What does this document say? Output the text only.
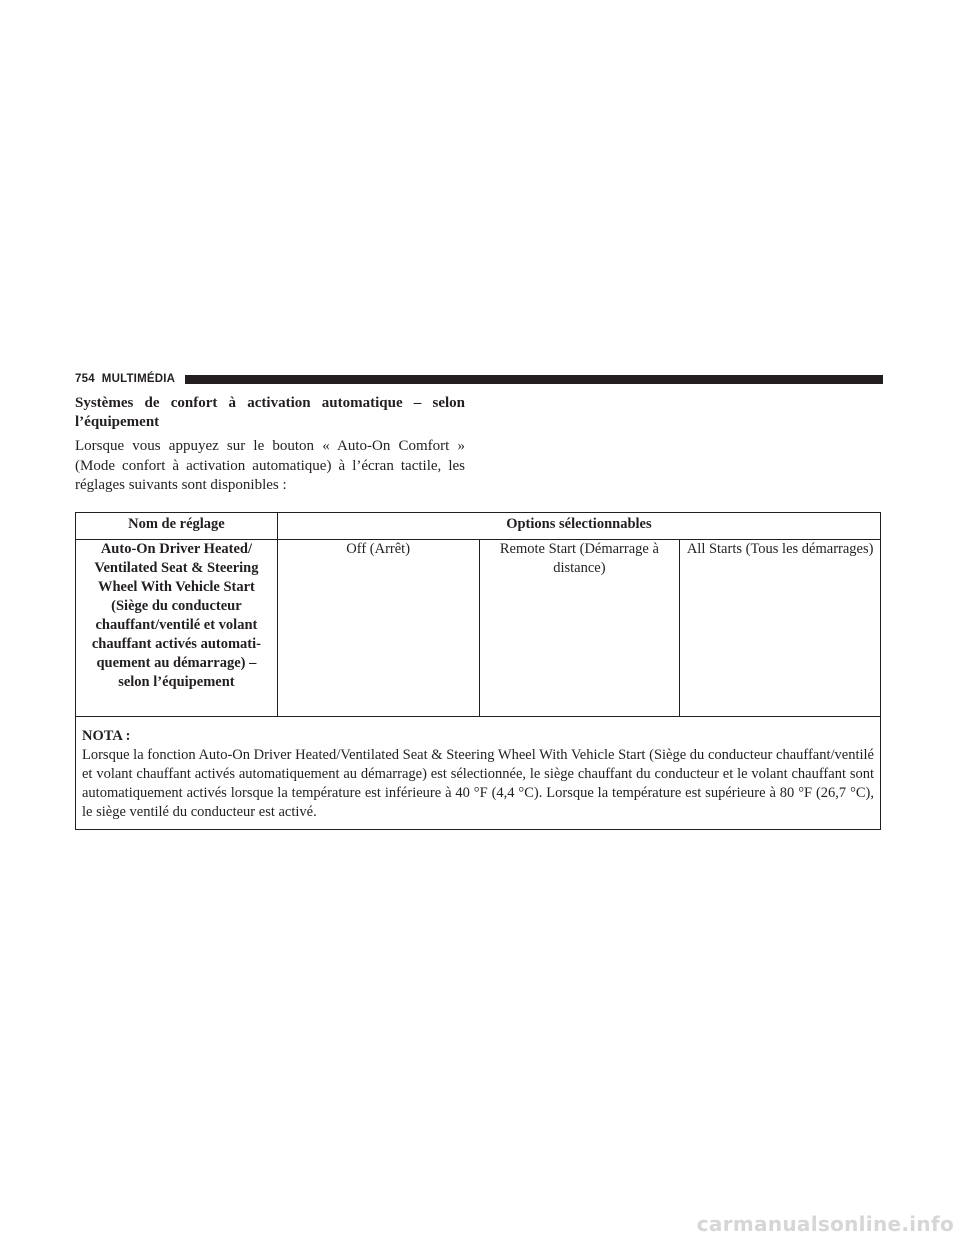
754 MULTIMÉDIA
Systèmes de confort à activation automatique – selon l’équipement
Lorsque vous appuyez sur le bouton « Auto-On Comfort » (Mode confort à activation automatique) à l’écran tactile, les réglages suivants sont disponibles :
Nom de réglage	Options sélectionnables		
Auto-On Driver Heated/ Ventilated Seat & Steering Wheel With Vehicle Start (Siège du conducteur chauffant/ventilé et volant chauffant activés automatiquement au démarrage) – selon l’équipement	Off (Arrêt)	Remote Start (Démarrage à distance)	All Starts (Tous les démarrages)

NOTA :
Lorsque la fonction Auto-On Driver Heated/Ventilated Seat & Steering Wheel With Vehicle Start (Siège du conducteur chauffant/ventilé et volant chauffant activés automatiquement au démarrage) est sélectionnée, le siège chauffant du conducteur et le volant chauffant sont automatiquement activés lorsque la température est inférieure à 40 °F (4,4 °C). Lorsque la température est supérieure à 80 °F (26,7 °C), le siège ventilé du conducteur est activé.			
carmanualsonline.info
